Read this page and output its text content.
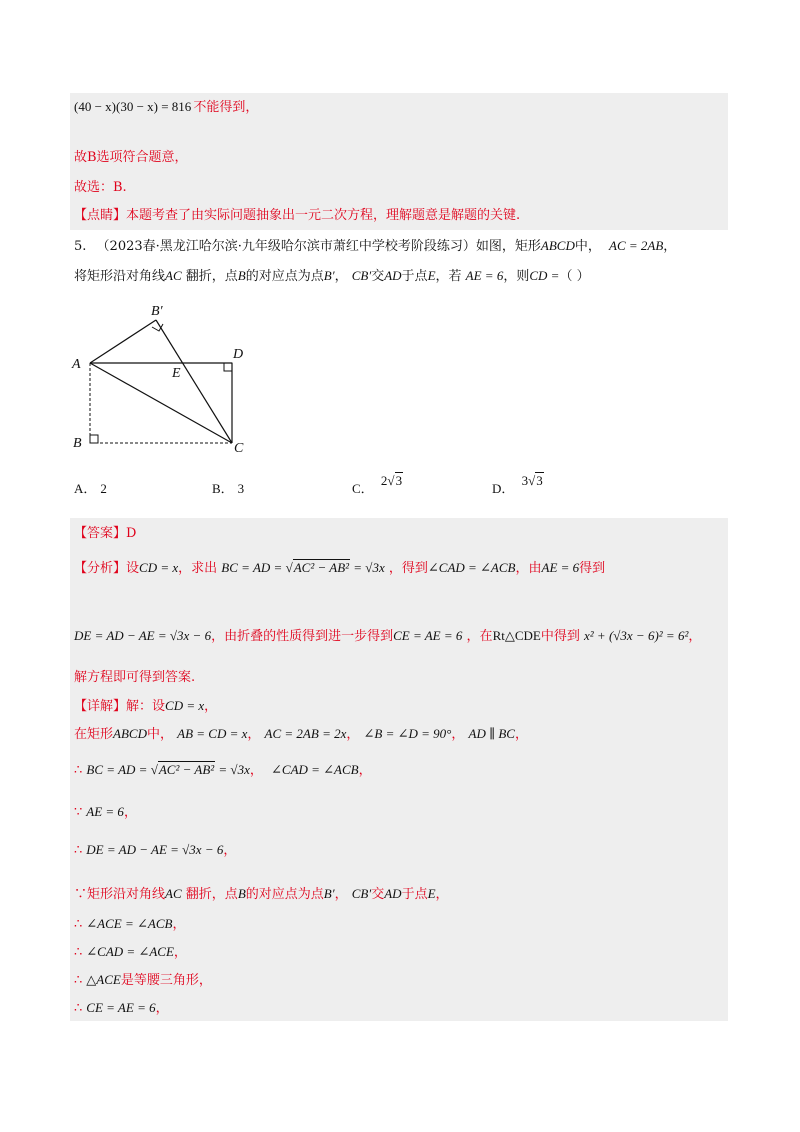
(40 − x)(30 − x) = 816 不能得到，
故B选项符合题意，
故选：B.
【点睛】本题考查了由实际问题抽象出一元二次方程，理解题意是解题的关键.
5. （2023春·黑龙江哈尔滨·九年级哈尔滨市萧红中学校考阶段练习）如图，矩形ABCD中， AC = 2AB，
将矩形沿对角线AC 翻折，点B的对应点为点B′， CB′交AD于点E，若 AE = 6，则CD =（ ）
B′
A
D
E
B	C
A． 2	B． 3	C． 2√3
D． 3√3
【答案】D
【分析】设CD = x，求出 BC = AD = √AC² − AB² = √3x ，得到∠CAD = ∠ACB，由AE = 6得到
DE = AD − AE = √3x − 6，由折叠的性质得到进一步得到CE = AE = 6 ，在Rt△CDE中得到 x² + (√3x − 6)² = 6²，
解方程即可得到答案.
【详解】解：设CD = x，
在矩形ABCD中， AB = CD = x， AC = 2AB = 2x， ∠B = ∠D = 90°， AD ∥ BC，
∴ BC = AD = √AC² − AB² = √3x， ∠CAD = ∠ACB，
∵ AE = 6，
∴ DE = AD − AE = √3x − 6，
∵矩形沿对角线AC 翻折，点B的对应点为点B′， CB′交AD于点E，
∴ ∠ACE = ∠ACB，
∴ ∠CAD = ∠ACE，
∴ △ACE是等腰三角形，
∴ CE = AE = 6，
